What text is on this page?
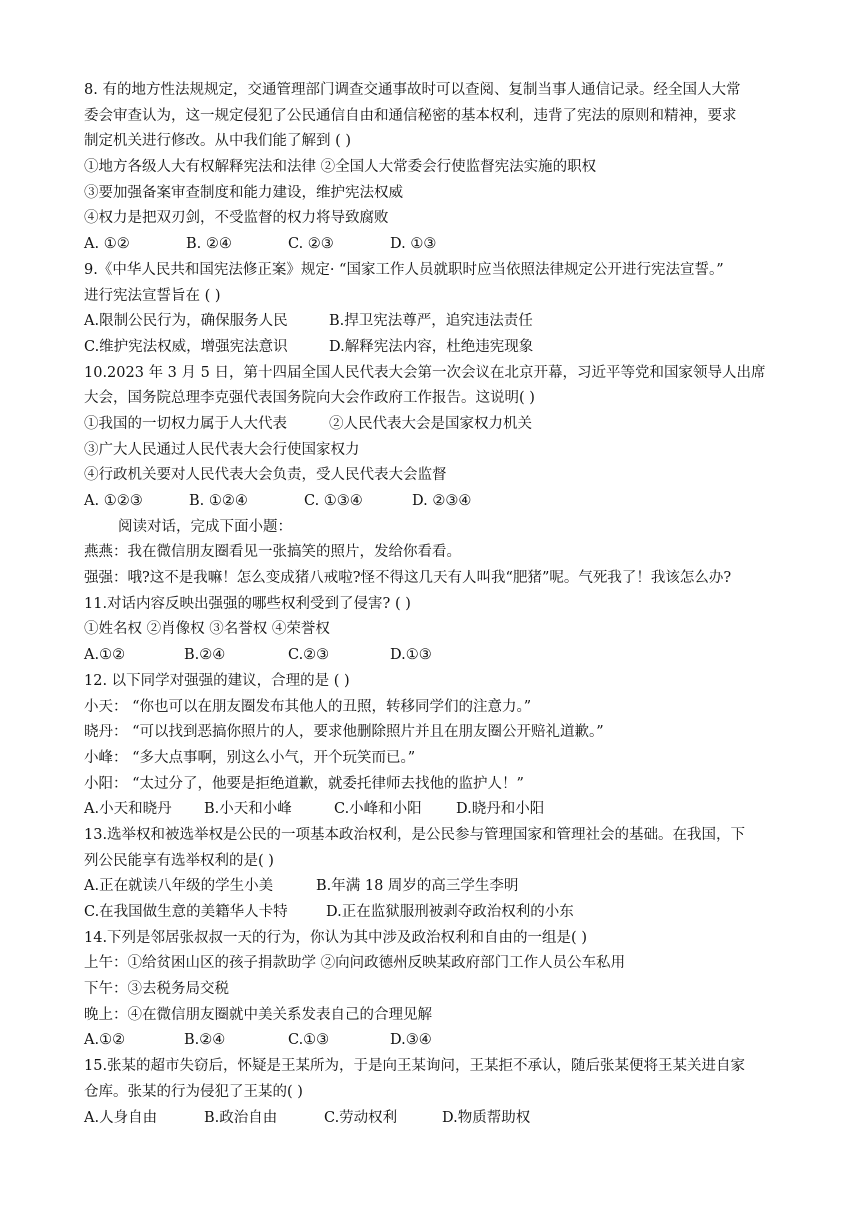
8. 有的地方性法规规定，交通管理部门调查交通事故时可以查阅、复制当事人通信记录。经全国人大常
委会审查认为，这一规定侵犯了公民通信自由和通信秘密的基本权利，违背了宪法的原则和精神，要求
制定机关进行修改。从中我们能了解到 ( )
①地方各级人大有权解释宪法和法律 ②全国人大常委会行使监督宪法实施的职权
③要加强备案审查制度和能力建设，维护宪法权威
④权力是把双刃剑，不受监督的权力将导致腐败
A. ①②	B. ②④	C. ②③	D. ①③
9.《中华人民共和国宪法修正案》规定· “国家工作人员就职时应当依照法律规定公开进行宪法宣誓。”
进行宪法宣誓旨在 ( )
A.限制公民行为，确保服务人民	B.捍卫宪法尊严，追究违法责任
C.维护宪法权威，增强宪法意识	D.解释宪法内容，杜绝违宪现象
10.2023 年 3 月 5 日，第十四届全国人民代表大会第一次会议在北京开幕，习近平等党和国家领导人出席
大会，国务院总理李克强代表国务院向大会作政府工作报告。这说明( )
①我国的一切权力属于人大代表	②人民代表大会是国家权力机关
③广大人民通过人民代表大会行使国家权力
④行政机关要对人民代表大会负责，受人民代表大会监督
A. ①②③	B. ①②④	C. ①③④	D. ②③④
阅读对话，完成下面小题：
燕燕：我在微信朋友圈看见一张搞笑的照片，发给你看看。
强强：哦?这不是我嘛！怎么变成猪八戒啦?怪不得这几天有人叫我“肥猪”呢。气死我了！我该怎么办?
11.对话内容反映出强强的哪些权利受到了侵害? ( )
①姓名权 ②肖像权 ③名誉权 ④荣誉权
A.①②	B.②④	C.②③	D.①③
12. 以下同学对强强的建议，合理的是 ( )
小天： “你也可以在朋友圈发布其他人的丑照，转移同学们的注意力。”
晓丹： “可以找到恶搞你照片的人，要求他删除照片并且在朋友圈公开赔礼道歉。”
小峰： “多大点事啊，别这么小气，开个玩笑而已。”
小阳： “太过分了，他要是拒绝道歉，就委托律师去找他的监护人！”
A.小天和晓丹	B.小天和小峰	C.小峰和小阳	D.晓丹和小阳
13.选举权和被选举权是公民的一项基本政治权利，是公民参与管理国家和管理社会的基础。在我国，下
列公民能享有选举权利的是( )
A.正在就读八年级的学生小美	B.年满 18 周岁的高三学生李明
C.在我国做生意的美籍华人卡特	D.正在监狱服刑被剥夺政治权利的小东
14.下列是邻居张叔叔一天的行为，你认为其中涉及政治权利和自由的一组是( )
上午：①给贫困山区的孩子捐款助学 ②向问政德州反映某政府部门工作人员公车私用
下午：③去税务局交税
晚上：④在微信朋友圈就中美关系发表自己的合理见解
A.①②	B.②④	C.①③	D.③④
15.张某的超市失窃后，怀疑是王某所为，于是向王某询问，王某拒不承认，随后张某便将王某关进自家
仓库。张某的行为侵犯了王某的( )
A.人身自由	B.政治自由	C.劳动权利	D.物质帮助权
